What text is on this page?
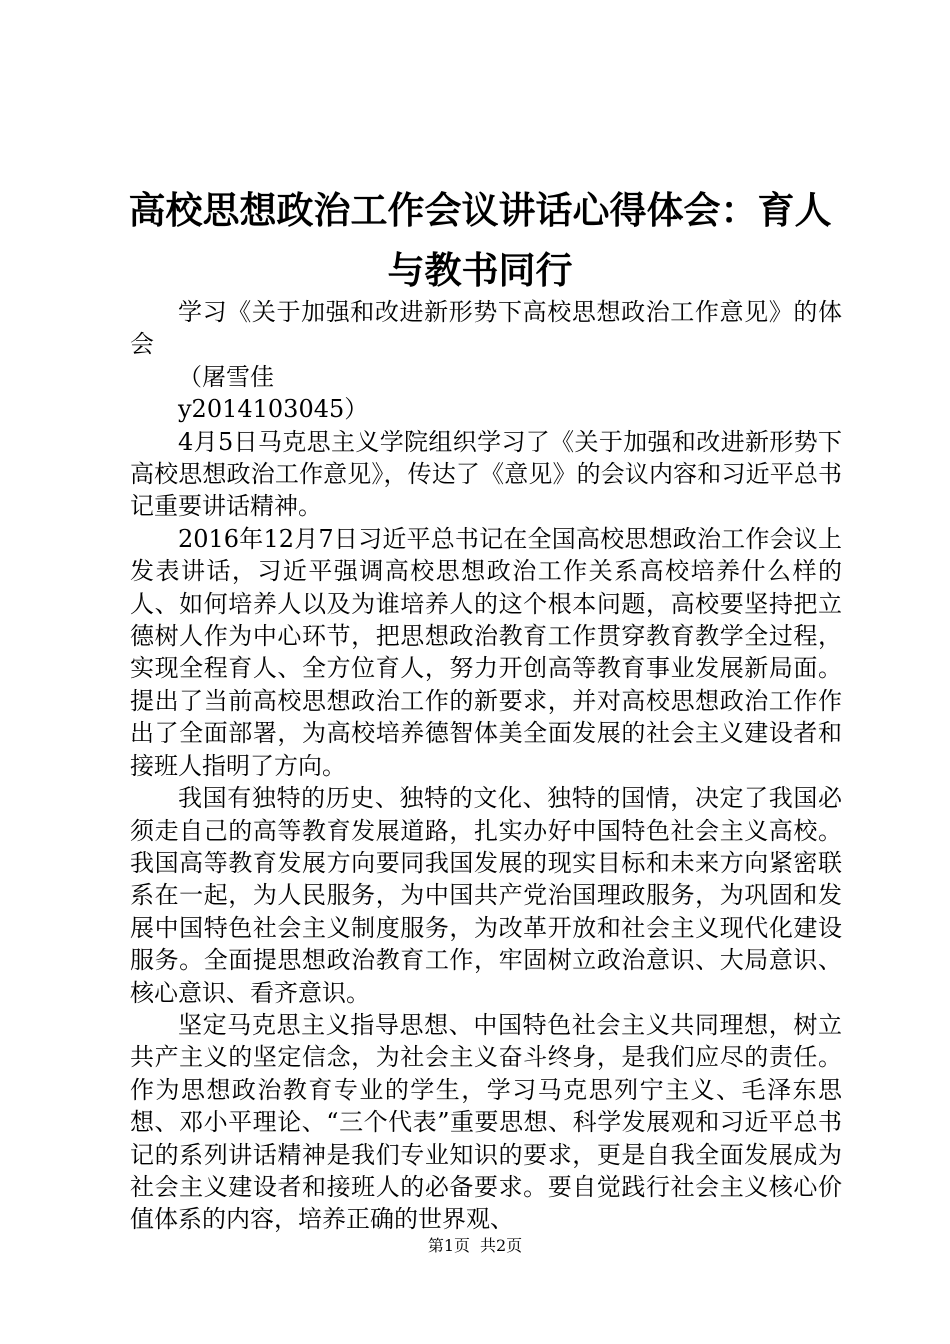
高校思想政治工作会议讲话心得体会：育人与教书同行

学习《关于加强和改进新形势下高校思想政治工作意见》的体会

（屠雪佳

y2014103045）

4月5日马克思主义学院组织学习了《关于加强和改进新形势下高校思想政治工作意见》，传达了《意见》的会议内容和习近平总书记重要讲话精神。

2016年12月7日习近平总书记在全国高校思想政治工作会议上发表讲话，习近平强调高校思想政治工作关系高校培养什么样的人、如何培养人以及为谁培养人的这个根本问题，高校要坚持把立德树人作为中心环节，把思想政治教育工作贯穿教育教学全过程，实现全程育人、全方位育人，努力开创高等教育事业发展新局面。提出了当前高校思想政治工作的新要求，并对高校思想政治工作作出了全面部署，为高校培养德智体美全面发展的社会主义建设者和接班人指明了方向。

我国有独特的历史、独特的文化、独特的国情，决定了我国必须走自己的高等教育发展道路，扎实办好中国特色社会主义高校。我国高等教育发展方向要同我国发展的现实目标和未来方向紧密联系在一起，为人民服务，为中国共产党治国理政服务，为巩固和发展中国特色社会主义制度服务，为改革开放和社会主义现代化建设服务。全面提思想政治教育工作，牢固树立政治意识、大局意识、核心意识、看齐意识。

坚定马克思主义指导思想、中国特色社会主义共同理想，树立共产主义的坚定信念，为社会主义奋斗终身，是我们应尽的责任。作为思想政治教育专业的学生，学习马克思列宁主义、毛泽东思想、邓小平理论、“三个代表”重要思想、科学发展观和习近平总书记的系列讲话精神是我们专业知识的要求，更是自我全面发展成为社会主义建设者和接班人的必备要求。要自觉践行社会主义核心价值体系的内容，培养正确的世界观、

第1页 共2页
